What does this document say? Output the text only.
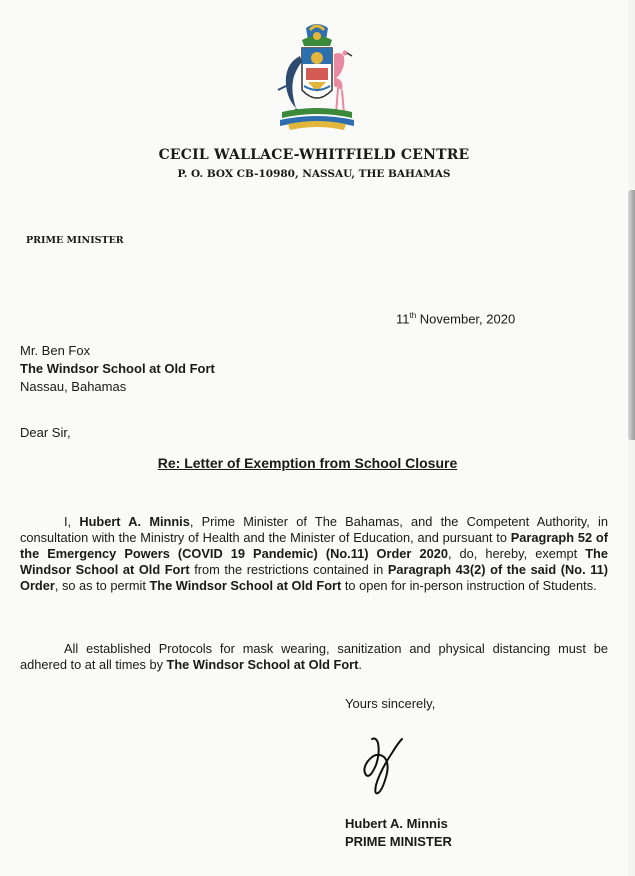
CECIL WALLACE-WHITFIELD CENTRE
P. O. BOX CB-10980, NASSAU, THE BAHAMAS
PRIME MINISTER
11th November, 2020
Mr. Ben Fox
The Windsor School at Old Fort
Nassau, Bahamas
Dear Sir,
Re: Letter of Exemption from School Closure
I, Hubert A. Minnis, Prime Minister of The Bahamas, and the Competent Authority, in consultation with the Ministry of Health and the Minister of Education, and pursuant to Paragraph 52 of the Emergency Powers (COVID 19 Pandemic) (No.11) Order 2020, do, hereby, exempt The Windsor School at Old Fort from the restrictions contained in Paragraph 43(2) of the said (No. 11) Order, so as to permit The Windsor School at Old Fort to open for in-person instruction of Students.
All established Protocols for mask wearing, sanitization and physical distancing must be adhered to at all times by The Windsor School at Old Fort.
Yours sincerely,
Hubert A. Minnis
PRIME MINISTER
